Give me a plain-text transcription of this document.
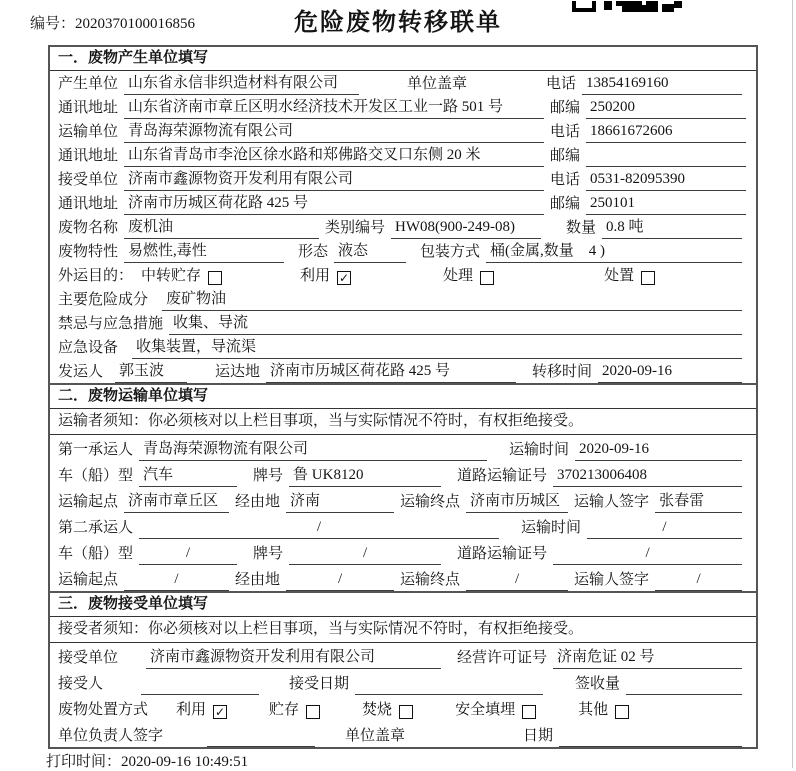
编号：2020370100016856	危险废物转移联单
一．废物产生单位填写
产生单位 山东省永信非织造材料有限公司	单位盖章	电话 13854169160
通讯地址 山东省济南市章丘区明水经济技术开发区工业一路 501 号	邮编 250200
运输单位 青岛海荣源物流有限公司	电话 18661672606
通讯地址 山东省青岛市李沧区徐水路和郑佛路交叉口东侧 20 米	邮编
接受单位 济南市鑫源物资开发利用有限公司	电话 0531-82095390
通讯地址 济南市历城区荷花路 425 号	邮编 250101
废物名称 废机油	类别编号 HW08(900-249-08)	数量 0.8 吨
废物特性 易燃性,毒性	形态 液态	包装方式 桶(金属,数量　4 )
外运目的： 中转贮存	利用 ✓	处理	处置
主要危险成分 废矿物油
禁忌与应急措施 收集、导流
应急设备 收集装置，导流渠
发运人 郭玉波	运达地 济南市历城区荷花路 425 号	转移时间 2020-09-16
二．废物运输单位填写
运输者须知：你必须核对以上栏目事项，当与实际情况不符时，有权拒绝接受。
第一承运人 青岛海荣源物流有限公司	运输时间 2020-09-16
车（船）型 汽车	牌号 鲁 UK8120	道路运输证号 370213006408
运输起点 济南市章丘区	经由地 济南	运输终点 济南市历城区 运输人签字 张春雷
第二承运人	/	运输时间	/
车（船）型	/	牌号	/	道路运输证号	/
运输起点	/	经由地	/	运输终点	/	运输人签字	/
三．废物接受单位填写
接受者须知：你必须核对以上栏目事项，当与实际情况不符时，有权拒绝接受。
接受单位 济南市鑫源物资开发利用有限公司	经营许可证号 济南危证 02 号
接受人	接受日期	签收量
废物处置方式 利用 ✓	贮存	焚烧	安全填埋	其他
单位负责人签字	单位盖章	日期
打印时间：2020-09-16 10:49:51
